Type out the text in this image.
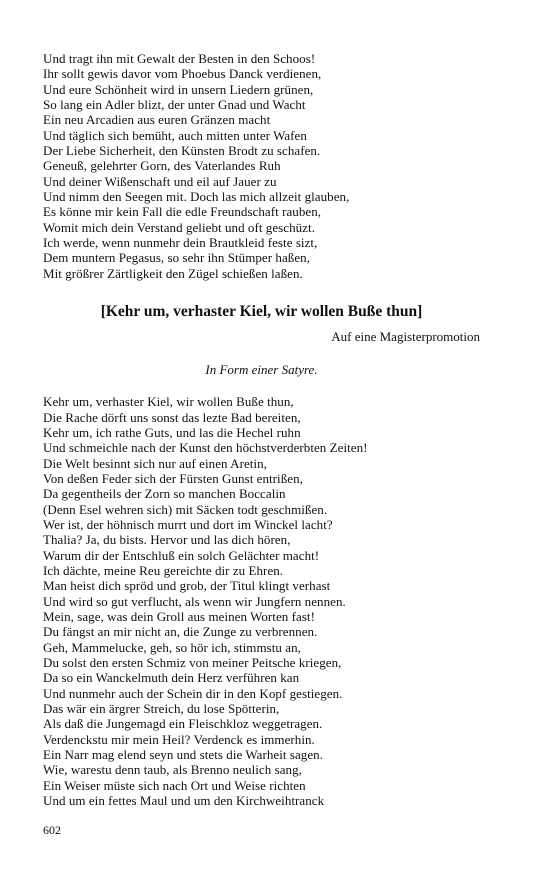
Und tragt ihn mit Gewalt der Besten in den Schoos!
Ihr sollt gewis davor vom Phoebus Danck verdienen,
Und eure Schönheit wird in unsern Liedern grünen,
So lang ein Adler blizt, der unter Gnad und Wacht
Ein neu Arcadien aus euren Gränzen macht
Und täglich sich bemüht, auch mitten unter Wafen
Der Liebe Sicherheit, den Künsten Brodt zu schafen.
Geneuß, gelehrter Gorn, des Vaterlandes Ruh
Und deiner Wißenschaft und eil auf Jauer zu
Und nimm den Seegen mit. Doch las mich allzeit glauben,
Es könne mir kein Fall die edle Freundschaft rauben,
Womit mich dein Verstand geliebt und oft geschüzt.
Ich werde, wenn nunmehr dein Brautkleid feste sizt,
Dem muntern Pegasus, so sehr ihn Stümper haßen,
Mit größrer Zärtligkeit den Zügel schießen laßen.
[Kehr um, verhaster Kiel, wir wollen Buße thun]
Auf eine Magisterpromotion
In Form einer Satyre.
Kehr um, verhaster Kiel, wir wollen Buße thun,
Die Rache dörft uns sonst das lezte Bad bereiten,
Kehr um, ich rathe Guts, und las die Hechel ruhn
Und schmeichle nach der Kunst den höchstverderbten Zeiten!
Die Welt besinnt sich nur auf einen Aretin,
Von deßen Feder sich der Fürsten Gunst entrißen,
Da gegentheils der Zorn so manchen Boccalin
(Denn Esel wehren sich) mit Säcken todt geschmißen.
Wer ist, der höhnisch murrt und dort im Winckel lacht?
Thalia? Ja, du bists. Hervor und las dich hören,
Warum dir der Entschluß ein solch Gelächter macht!
Ich dächte, meine Reu gereichte dir zu Ehren.
Man heist dich spröd und grob, der Titul klingt verhast
Und wird so gut verflucht, als wenn wir Jungfern nennen.
Mein, sage, was dein Groll aus meinen Worten fast!
Du fängst an mir nicht an, die Zunge zu verbrennen.
Geh, Mammelucke, geh, so hör ich, stimmstu an,
Du solst den ersten Schmiz von meiner Peitsche kriegen,
Da so ein Wanckelmuth dein Herz verführen kan
Und nunmehr auch der Schein dir in den Kopf gestiegen.
Das wär ein ärgrer Streich, du lose Spötterin,
Als daß die Jungemagd ein Fleischkloz weggetragen.
Verdenckstu mir mein Heil? Verdenck es immerhin.
Ein Narr mag elend seyn und stets die Warheit sagen.
Wie, warestu denn taub, als Brenno neulich sang,
Ein Weiser müste sich nach Ort und Weise richten
Und um ein fettes Maul und um den Kirchweihtranck
602
